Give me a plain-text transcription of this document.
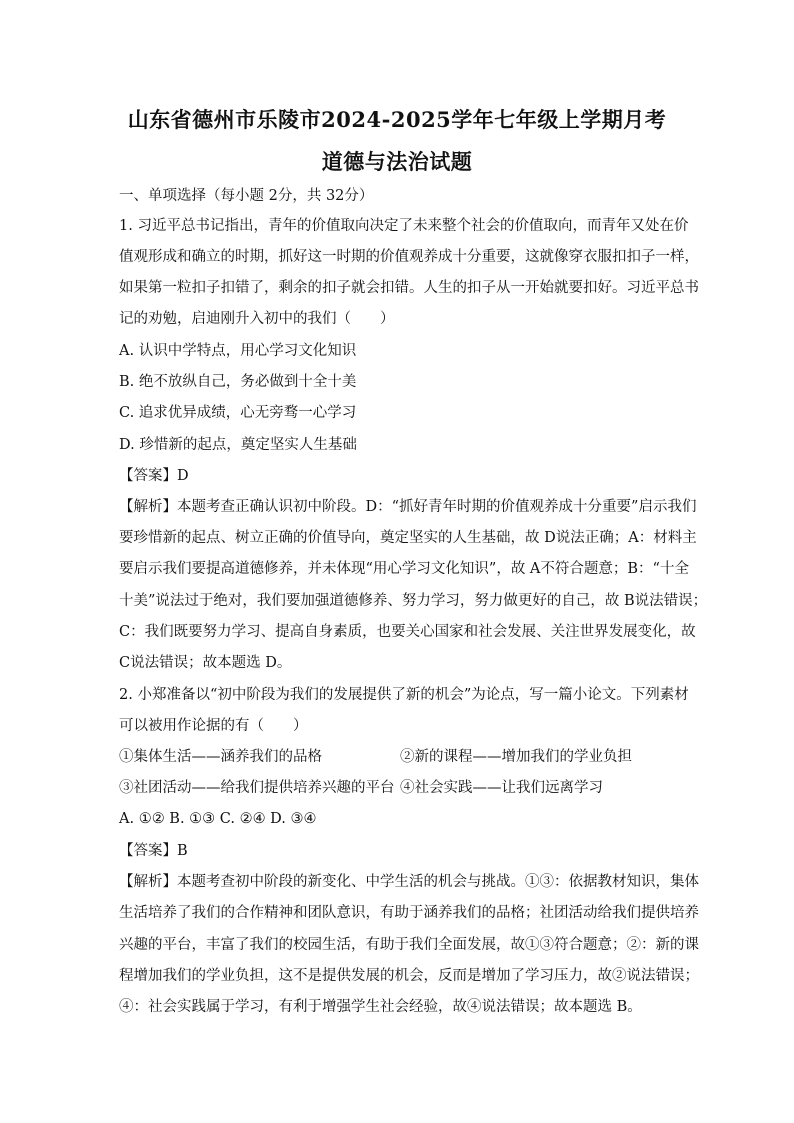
山东省德州市乐陵市2024-2025学年七年级上学期月考
道德与法治试题
一、单项选择（每小题 2分，共 32分）
1. 习近平总书记指出，青年的价值取向决定了未来整个社会的价值取向，而青年又处在价
值观形成和确立的时期，抓好这一时期的价值观养成十分重要，这就像穿衣服扣扣子一样，
如果第一粒扣子扣错了，剩余的扣子就会扣错。人生的扣子从一开始就要扣好。习近平总书
记的劝勉，启迪刚升入初中的我们（　　）
A. 认识中学特点，用心学习文化知识
B. 绝不放纵自己，务必做到十全十美
C. 追求优异成绩，心无旁骛一心学习
D. 珍惜新的起点，奠定坚实人生基础
【答案】D
【解析】本题考查正确认识初中阶段。D：“抓好青年时期的价值观养成十分重要”启示我们
要珍惜新的起点、树立正确的价值导向，奠定坚实的人生基础，故 D说法正确；A：材料主
要启示我们要提高道德修养，并未体现“用心学习文化知识”，故 A不符合题意；B：“十全
十美”说法过于绝对，我们要加强道德修养、努力学习，努力做更好的自己，故 B说法错误；
C：我们既要努力学习、提高自身素质，也要关心国家和社会发展、关注世界发展变化，故
C说法错误；故本题选 D。
2. 小郑准备以“初中阶段为我们的发展提供了新的机会”为论点，写一篇小论文。下列素材
可以被用作论据的有（　　）
①集体生活——涵养我们的品格	②新的课程——增加我们的学业负担
③社团活动——给我们提供培养兴趣的平台 ④社会实践——让我们远离学习
A. ①② B. ①③ C. ②④ D. ③④
【答案】B
【解析】本题考查初中阶段的新变化、中学生活的机会与挑战。①③：依据教材知识，集体
生活培养了我们的合作精神和团队意识，有助于涵养我们的品格；社团活动给我们提供培养
兴趣的平台，丰富了我们的校园生活，有助于我们全面发展，故①③符合题意；②：新的课
程增加我们的学业负担，这不是提供发展的机会，反而是增加了学习压力，故②说法错误；
④：社会实践属于学习，有利于增强学生社会经验，故④说法错误；故本题选 B。
